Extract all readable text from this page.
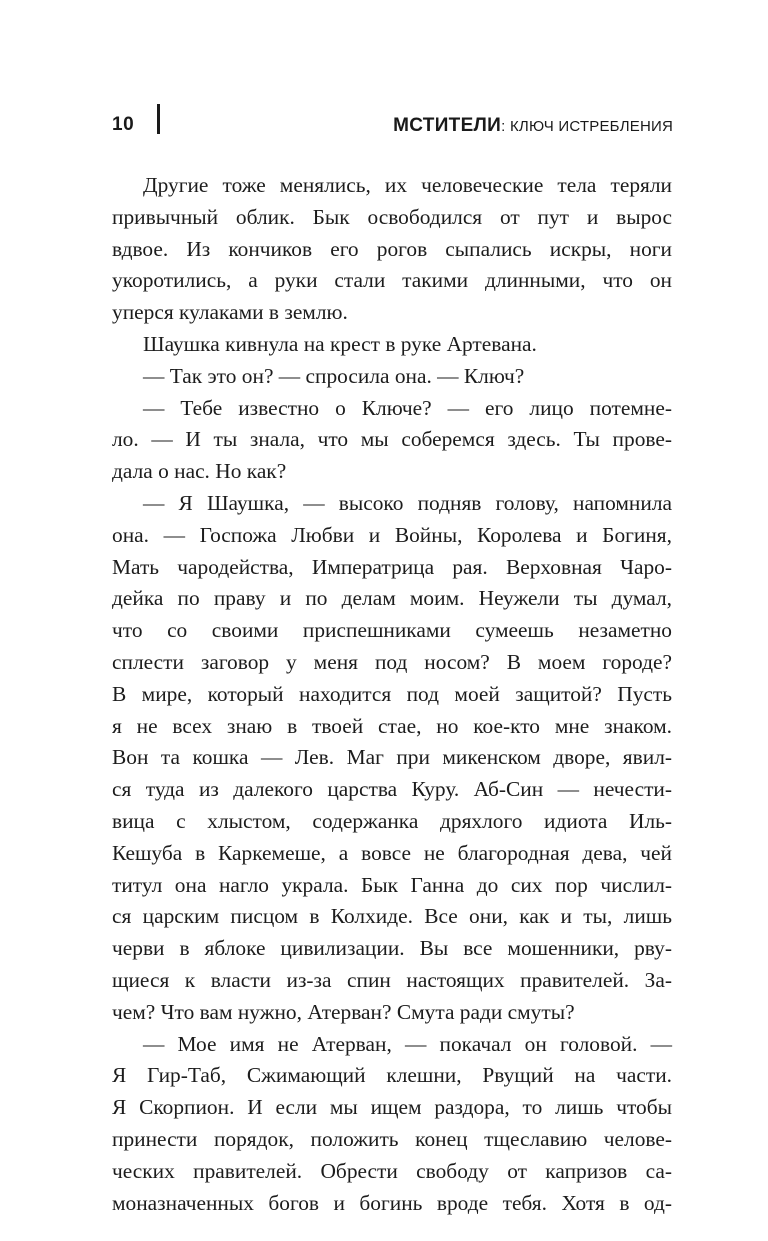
10	МСТИТЕЛИ: КЛЮЧ ИСТРЕБЛЕНИЯ

Другие тоже менялись, их человеческие тела теряли

привычный облик. Бык освободился от пут и вырос

вдвое. Из кончиков его рогов сыпались искры, ноги

укоротились, а руки стали такими длинными, что он

уперся кулаками в землю.

Шаушка кивнула на крест в руке Артевана.

— Так это он? — спросила она. — Ключ?

— Тебе известно о Ключе? — его лицо потемне-

ло. — И ты знала, что мы соберемся здесь. Ты прове-

дала о нас. Но как?

— Я Шаушка, — высоко подняв голову, напомнила

она. — Госпожа Любви и Войны, Королева и Богиня,

Мать чародейства, Императрица рая. Верховная Чаро-

дейка по праву и по делам моим. Неужели ты думал,

что со своими приспешниками сумеешь незаметно

сплести заговор у меня под носом? В моем городе?

В мире, который находится под моей защитой? Пусть

я не всех знаю в твоей стае, но кое-кто мне знаком.

Вон та кошка — Лев. Маг при микенском дворе, явил-

ся туда из далекого царства Куру. Аб-Син — нечести-

вица с хлыстом, содержанка дряхлого идиота Иль-

Кешуба в Каркемеше, а вовсе не благородная дева, чей

титул она нагло украла. Бык Ганна до сих пор числил-

ся царским писцом в Колхиде. Все они, как и ты, лишь

черви в яблоке цивилизации. Вы все мошенники, рву-

щиеся к власти из-за спин настоящих правителей. За-

чем? Что вам нужно, Атерван? Смута ради смуты?

— Мое имя не Атерван, — покачал он головой. —

Я Гир-Таб, Сжимающий клешни, Рвущий на части.

Я Скорпион. И если мы ищем раздора, то лишь чтобы

принести порядок, положить конец тщеславию челове-

ческих правителей. Обрести свободу от капризов са-

моназначенных богов и богинь вроде тебя. Хотя в од-
